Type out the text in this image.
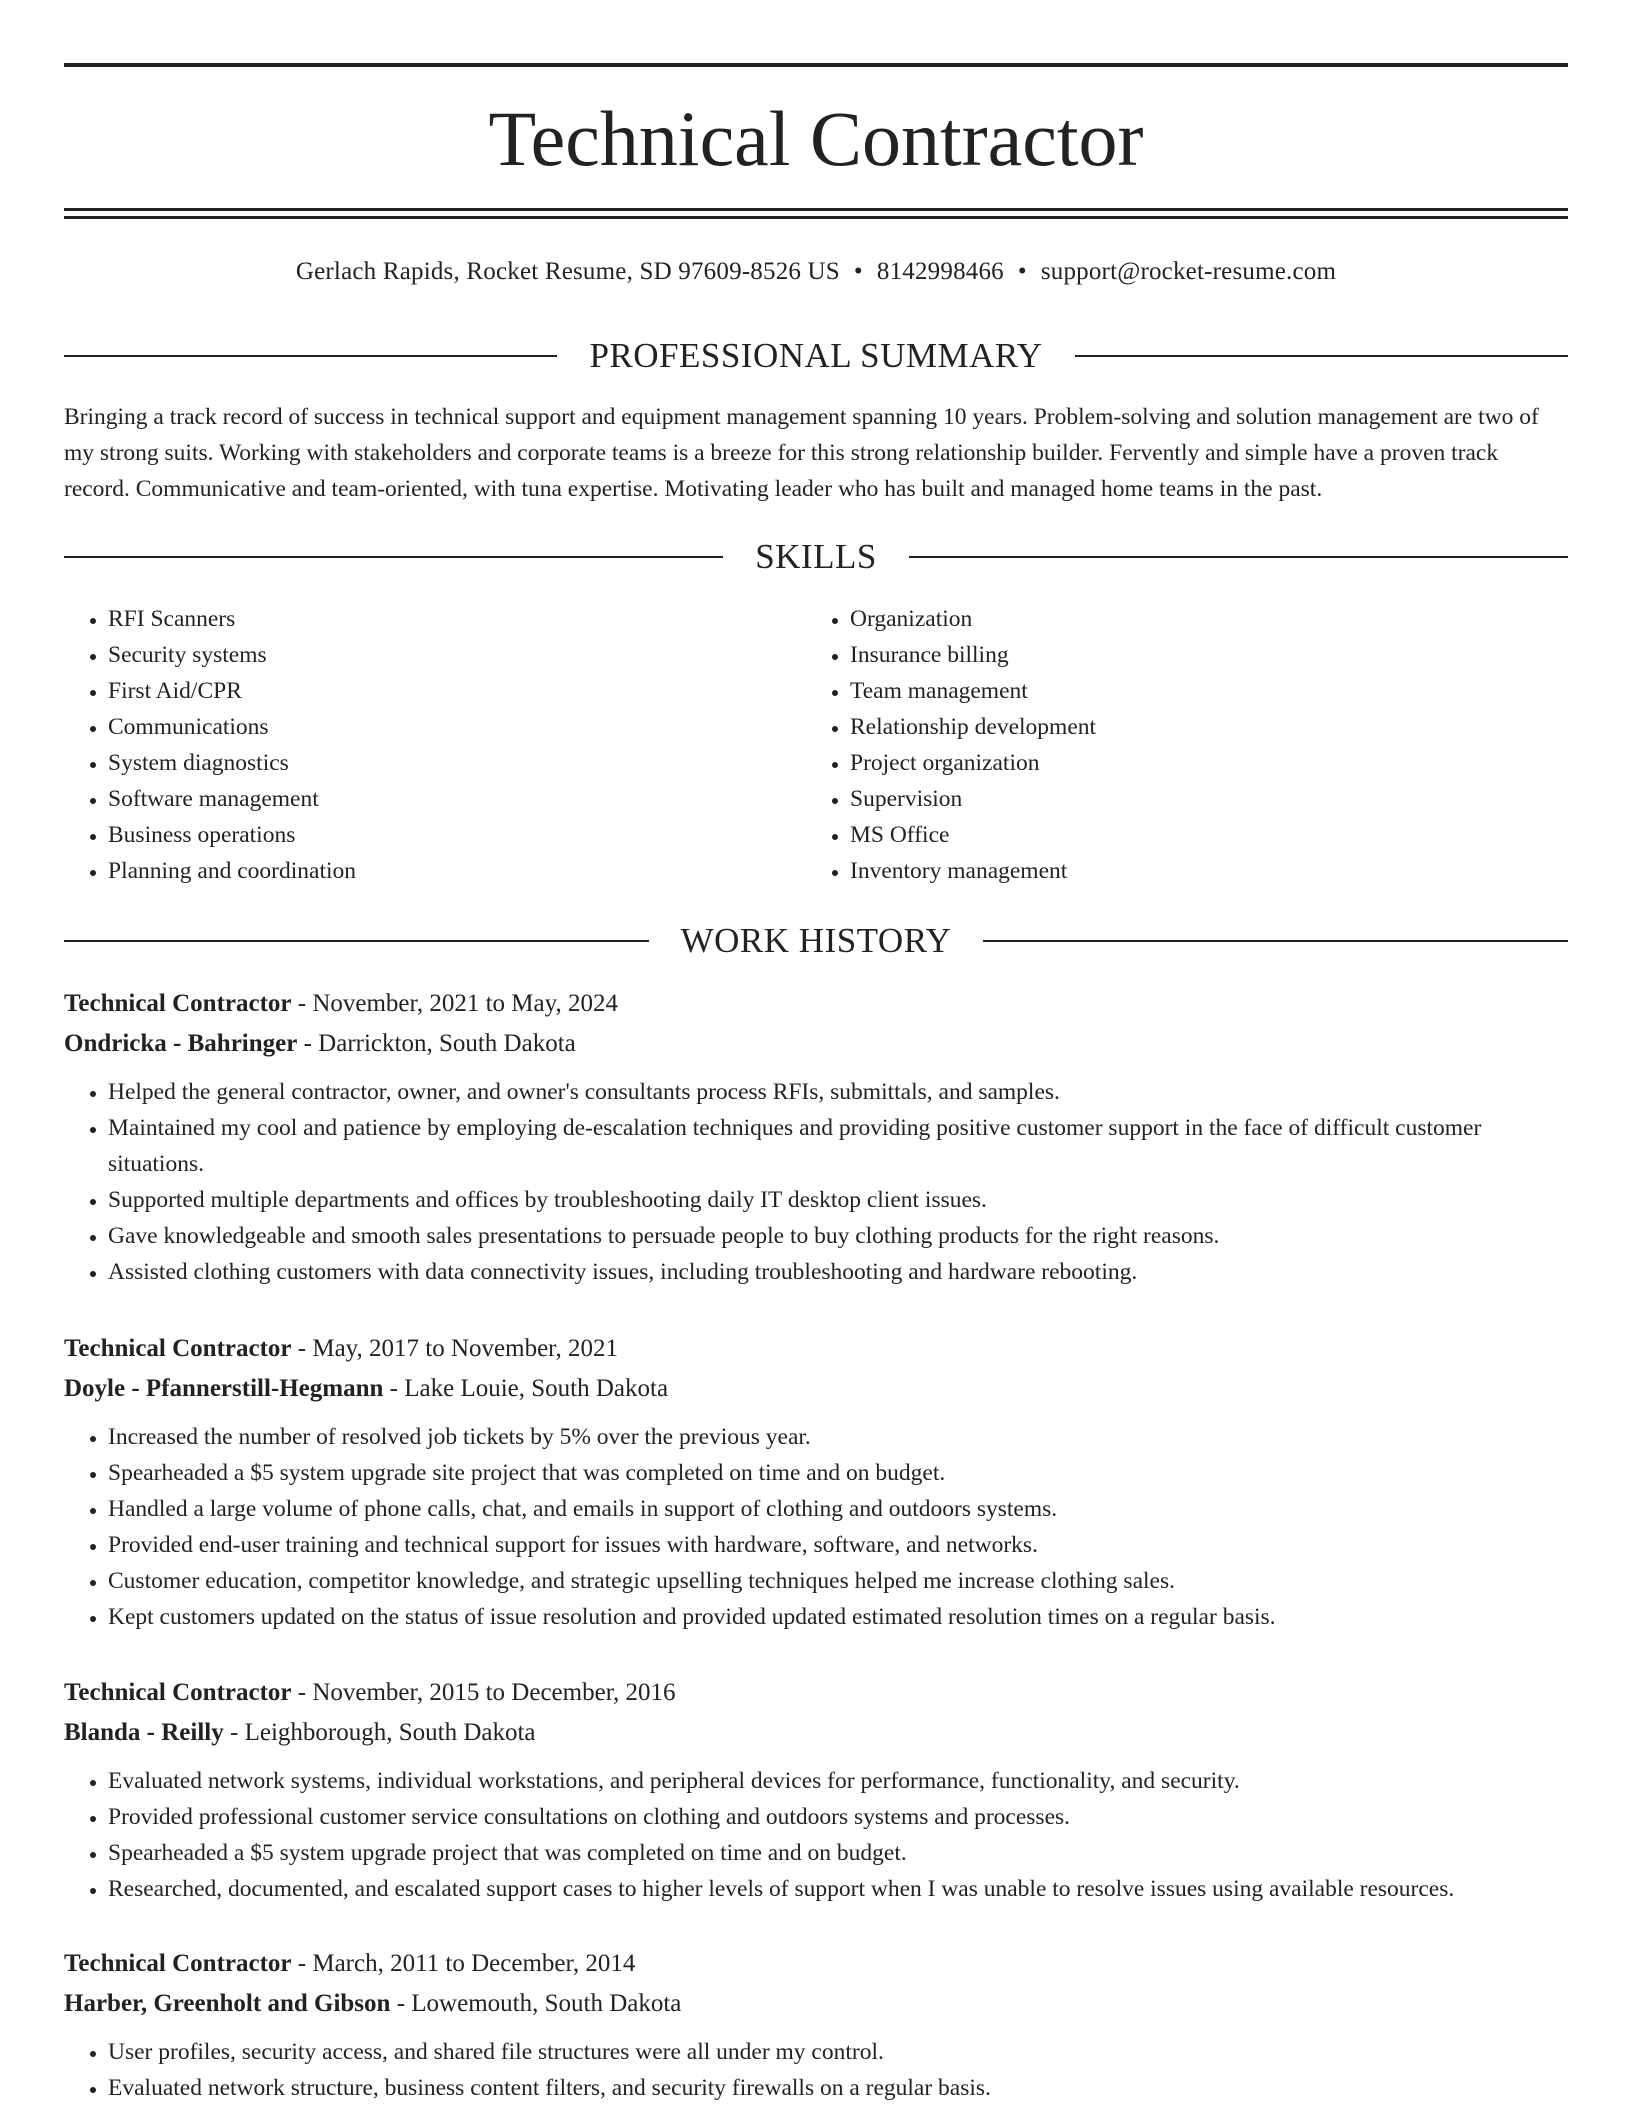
Technical Contractor
Gerlach Rapids, Rocket Resume, SD 97609-8526 US • 8142998466 • support@rocket-resume.com
PROFESSIONAL SUMMARY

Bringing a track record of success in technical support and equipment management spanning 10 years. Problem-solving and solution management are two of my strong suits. Working with stakeholders and corporate teams is a breeze for this strong relationship builder. Fervently and simple have a proven track record. Communicative and team-oriented, with tuna expertise. Motivating leader who has built and managed home teams in the past.

SKILLS
• RFI Scanners
• Security systems
• First Aid/CPR
• Communications
• System diagnostics
• Software management
• Business operations
• Planning and coordination
• Organization
• Insurance billing
• Team management
• Relationship development
• Project organization
• Supervision
• MS Office
• Inventory management
WORK HISTORY

Technical Contractor - November, 2021 to May, 2024

Ondricka - Bahringer - Darrickton, South Dakota

• Helped the general contractor, owner, and owner's consultants process RFIs, submittals, and samples.
• Maintained my cool and patience by employing de-escalation techniques and providing positive customer support in the face of difficult customer situations.
• Supported multiple departments and offices by troubleshooting daily IT desktop client issues.
• Gave knowledgeable and smooth sales presentations to persuade people to buy clothing products for the right reasons.
• Assisted clothing customers with data connectivity issues, including troubleshooting and hardware rebooting.

Technical Contractor - May, 2017 to November, 2021

Doyle - Pfannerstill-Hegmann - Lake Louie, South Dakota

• Increased the number of resolved job tickets by 5% over the previous year.
• Spearheaded a $5 system upgrade site project that was completed on time and on budget.
• Handled a large volume of phone calls, chat, and emails in support of clothing and outdoors systems.
• Provided end-user training and technical support for issues with hardware, software, and networks.
• Customer education, competitor knowledge, and strategic upselling techniques helped me increase clothing sales.
• Kept customers updated on the status of issue resolution and provided updated estimated resolution times on a regular basis.

Technical Contractor - November, 2015 to December, 2016

Blanda - Reilly - Leighborough, South Dakota

• Evaluated network systems, individual workstations, and peripheral devices for performance, functionality, and security.
• Provided professional customer service consultations on clothing and outdoors systems and processes.
• Spearheaded a $5 system upgrade project that was completed on time and on budget.
• Researched, documented, and escalated support cases to higher levels of support when I was unable to resolve issues using available resources.

Technical Contractor - March, 2011 to December, 2014

Harber, Greenholt and Gibson - Lowemouth, South Dakota

• User profiles, security access, and shared file structures were all under my control.
• Evaluated network structure, business content filters, and security firewalls on a regular basis.
